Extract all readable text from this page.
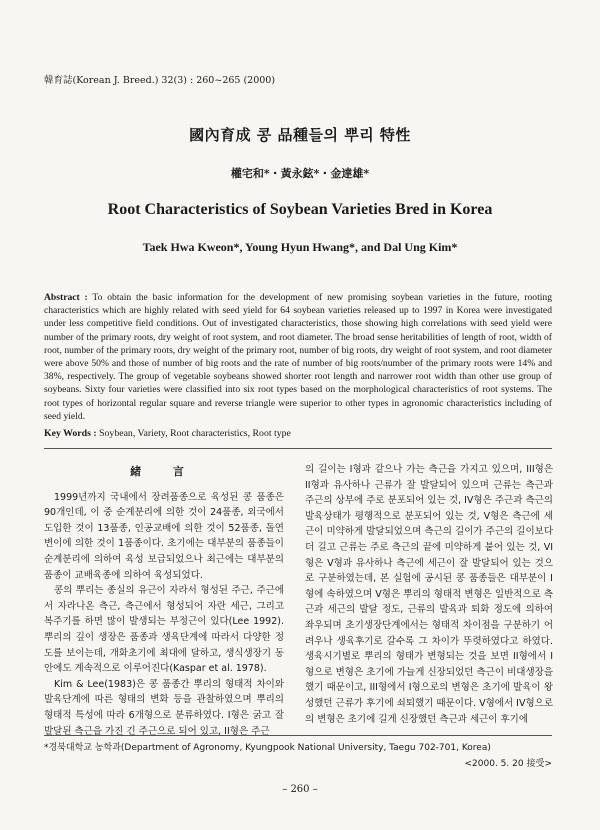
韓育誌(Korean J. Breed.) 32(3) : 260~265 (2000)
國內育成 콩 品種들의 뿌리 特性
權宅和*・黃永鉉*・金達雄*
Root Characteristics of Soybean Varieties Bred in Korea
Taek Hwa Kweon*, Young Hyun Hwang*, and Dal Ung Kim*
Abstract : To obtain the basic information for the development of new promising soybean varieties in the future, rooting characteristics which are highly related with seed yield for 64 soybean varieties released up to 1997 in Korea were investigated under less competitive field conditions. Out of investigated characteristics, those showing high correlations with seed yield were number of the primary roots, dry weight of root system, and root diameter. The broad sense heritabilities of length of root, width of root, number of the primary roots, dry weight of the primary root, number of big roots, dry weight of root system, and root diameter were above 50% and those of number of big roots and the rate of number of big roots/number of the primary roots were 14% and 38%, respectively. The group of vegetable soybeans showed shorter root length and narrower root width than other use group of soybeans. Sixty four varieties were classified into six root types based on the morphological characteristics of root systems. The root types of horizontal regular square and reverse triangle were superior to other types in agronomic characteristics including of seed yield.
Key Words : Soybean, Variety, Root characteristics, Root type
緒 言

1999년까지 국내에서 장려품종으로 육성된 콩 품종은 90개인데, 이 중 순계분리에 의한 것이 24품종, 외국에서 도입한 것이 13품종, 인공교배에 의한 것이 52품종, 돌연변이에 의한 것이 1품종이다. 초기에는 대부분의 품종들이 순계분리에 의하여 육성 보급되었으나 최근에는 대부분의 품종이 교배육종에 의하여 육성되었다.

콩의 뿌리는 종실의 유근이 자라서 형성된 주근, 주근에서 자라나온 측근, 측근에서 형성되어 자란 세근, 그리고 복주기를 하면 많이 발생되는 부정근이 있다(Lee 1992). 뿌리의 깊이 생장은 품종과 생육단계에 따라서 다양한 정도를 보이는데, 개화초기에 최대에 달하고, 생식생장기 동안에도 계속적으로 이루어진다(Kaspar et al. 1978).

Kim & Lee(1983)은 콩 품종간 뿌리의 형태적 차이와 발육단계에 따른 형태의 변화 등을 관찰하였으며 뿌리의 형태적 특성에 따라 6개형으로 분류하였다. I형은 굵고 잘 발달된 측근을 가진 긴 주근으로 되어 있고, II형은 주근

의 길이는 I형과 같으나 가는 측근을 가지고 있으며, III형은 II형과 유사하나 근류가 잘 발달되어 있으며 근류는 측근과 주근의 상부에 주로 분포되어 있는 것, IV형은 주근과 측근의 발육상태가 평행적으로 분포되어 있는 것, V형은 측근에 세근이 미약하게 발달되었으며 측근의 길이가 주근의 길이보다 더 길고 근류는 주로 측근의 끝에 미약하게 붙어 있는 것, VI형은 V형과 유사하나 측근에 세근이 잘 발달되어 있는 것으로 구분하였는데, 본 실험에 공시된 콩 품종들은 대부분이 I형에 속하였으며 V형은 뿌리의 형태적 변형은 일반적으로 측근과 세근의 발달 정도, 근류의 발육과 퇴화 정도에 의하여 좌우되며 초기생장단계에서는 형태적 차이점을 구분하기 어려우나 생육후기로 갈수록 그 차이가 뚜렷하였다고 하였다. 생육시기별로 뿌리의 형태가 변형되는 것을 보면 II형에서 I형으로 변형은 초기에 가늘게 신장되었던 측근이 비대생장을 했기 때문이고, III형에서 I형으로의 변형은 초기에 발육이 왕성했던 근류가 후기에 쇠퇴했기 때문이다. V형에서 IV형으로의 변형은 초기에 길게 신장했던 측근과 세근이 후기에

*경북대학교 농학과(Department of Agronomy, Kyungpook National University, Taegu 702-701, Korea)
<2000. 5. 20 接受>
– 260 –
